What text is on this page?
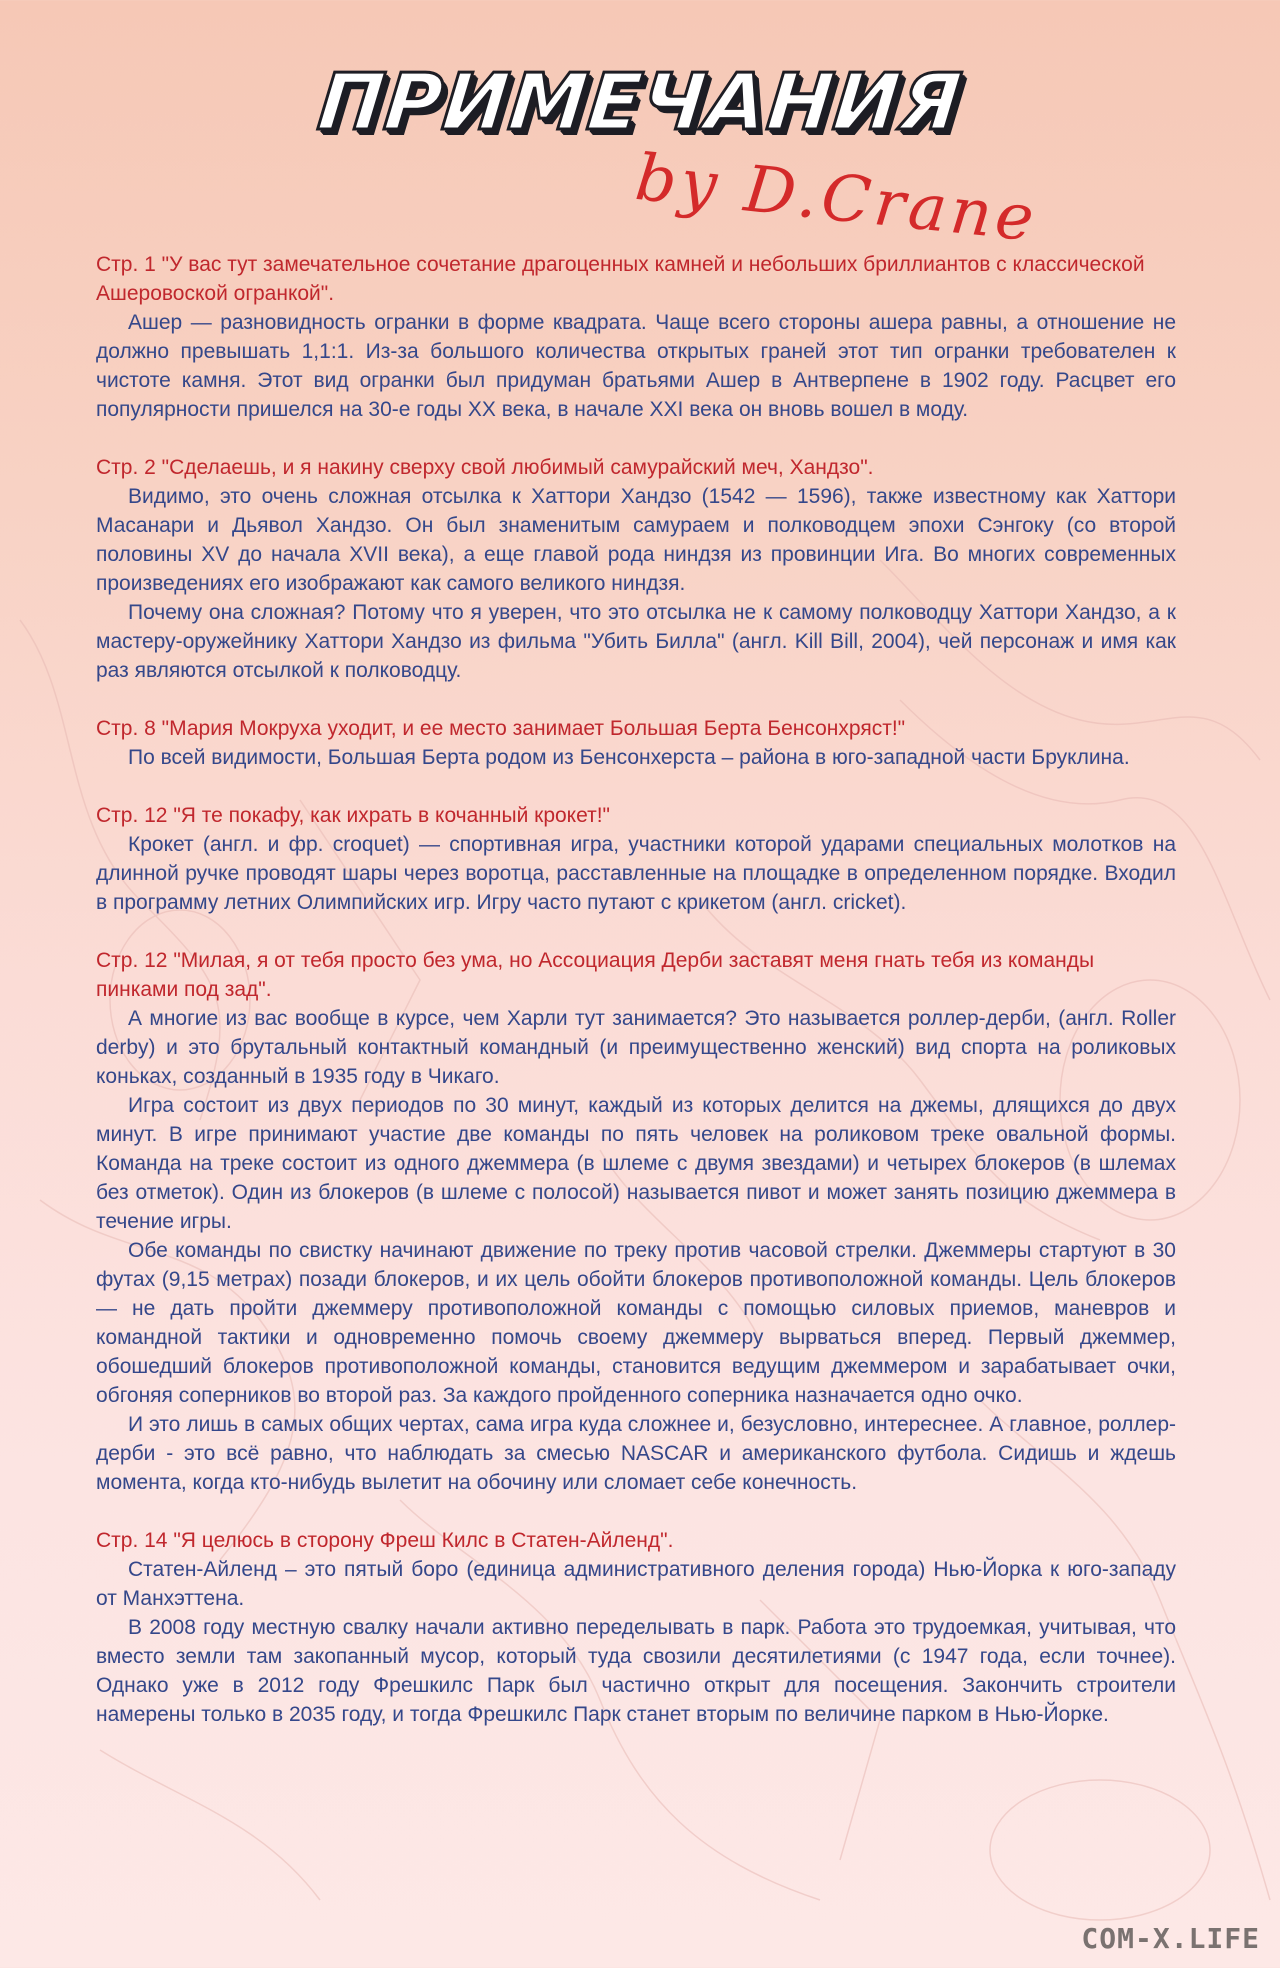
ПРИМЕЧАНИЯ
by D.Crane

Стр. 1 "У вас тут замечательное сочетание драгоценных камней и небольших бриллиантов с классической Ашеровоской огранкой".

Ашер — разновидность огранки в форме квадрата. Чаще всего стороны ашера равны, а отношение не должно превышать 1,1:1. Из-за большого количества открытых граней этот тип огранки требователен к чистоте камня. Этот вид огранки был придуман братьями Ашер в Антверпене в 1902 году. Расцвет его популярности пришелся на 30-е годы XX века, в начале XXI века он вновь вошел в моду.

Стр. 2 "Сделаешь, и я накину сверху свой любимый самурайский меч, Хандзо".

Видимо, это очень сложная отсылка к Хаттори Хандзо (1542 — 1596), также известному как Хаттори Масанари и Дьявол Хандзо. Он был знаменитым самураем и полководцем эпохи Сэнгоку (со второй половины XV до начала XVII века), а еще главой рода ниндзя из провинции Ига. Во многих современных произведениях его изображают как самого великого ниндзя.

Почему она сложная? Потому что я уверен, что это отсылка не к самому полководцу Хаттори Хандзо, а к мастеру-оружейнику Хаттори Хандзо из фильма "Убить Билла" (англ. Kill Bill, 2004), чей персонаж и имя как раз являются отсылкой к полководцу.

Стр. 8 "Мария Мокруха уходит, и ее место занимает Большая Берта Бенсонхряст!"

По всей видимости, Большая Берта родом из Бенсонхерста – района в юго-западной части Бруклина.

Стр. 12 "Я те покафу, как ихрать в кочанный крокет!"

Крокет (англ. и фр. croquet) — спортивная игра, участники которой ударами специальных молотков на длинной ручке проводят шары через воротца, расставленные на площадке в определенном порядке. Входил в программу летних Олимпийских игр. Игру часто путают с крикетом (англ. cricket).

Стр. 12 "Милая, я от тебя просто без ума, но Ассоциация Дерби заставят меня гнать тебя из команды пинками под зад".

А многие из вас вообще в курсе, чем Харли тут занимается? Это называется роллер-дерби, (англ. Roller derby) и это брутальный контактный командный (и преимущественно женский) вид спорта на роликовых коньках, созданный в 1935 году в Чикаго.

Игра состоит из двух периодов по 30 минут, каждый из которых делится на джемы, длящихся до двух минут. В игре принимают участие две команды по пять человек на роликовом треке овальной формы. Команда на треке состоит из одного джеммера (в шлеме с двумя звездами) и четырех блокеров (в шлемах без отметок). Один из блокеров (в шлеме с полосой) называется пивот и может занять позицию джеммера в течение игры.

Обе команды по свистку начинают движение по треку против часовой стрелки. Джеммеры стартуют в 30 футах (9,15 метрах) позади блокеров, и их цель обойти блокеров противоположной команды. Цель блокеров — не дать пройти джеммеру противоположной команды с помощью силовых приемов, маневров и командной тактики и одновременно помочь своему джеммеру вырваться вперед. Первый джеммер, обошедший блокеров противоположной команды, становится ведущим джеммером и зарабатывает очки, обгоняя соперников во второй раз. За каждого пройденного соперника назначается одно очко.

И это лишь в самых общих чертах, сама игра куда сложнее и, безусловно, интереснее. А главное, роллер-дерби - это всё равно, что наблюдать за смесью NASCAR и американского футбола. Сидишь и ждешь момента, когда кто-нибудь вылетит на обочину или сломает себе конечность.

Стр. 14 "Я целюсь в сторону Фреш Килс в Статен-Айленд".

Статен-Айленд – это пятый боро (единица административного деления города) Нью-Йорка к юго-западу от Манхэттена.

В 2008 году местную свалку начали активно переделывать в парк. Работа это трудоемкая, учитывая, что вместо земли там закопанный мусор, который туда свозили десятилетиями (с 1947 года, если точнее). Однако уже в 2012 году Фрешкилс Парк был частично открыт для посещения. Закончить строители намерены только в 2035 году, и тогда Фрешкилс Парк станет вторым по величине парком в Нью-Йорке.

COM-X.LIFE
